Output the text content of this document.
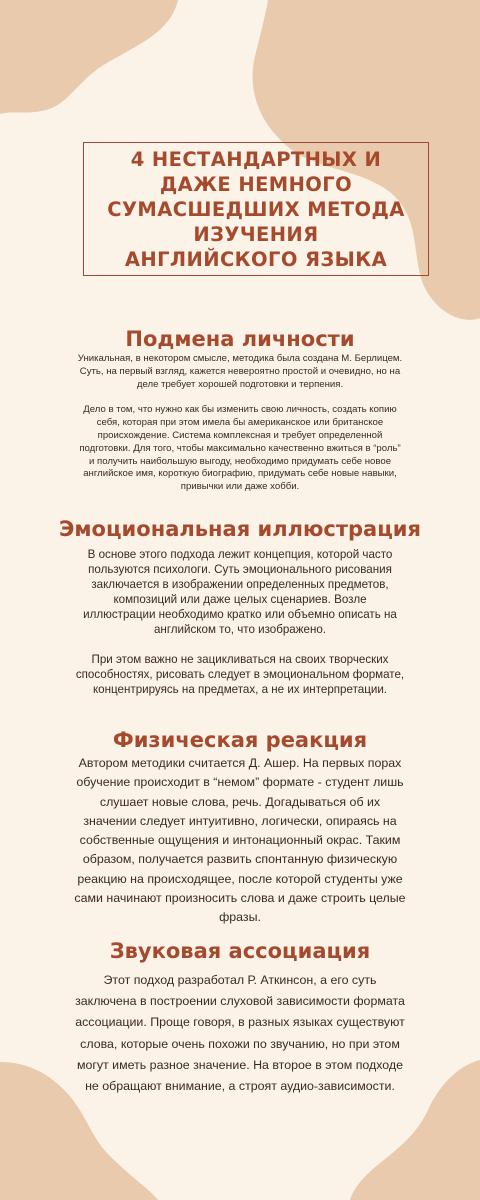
4 НЕСТАНДАРТНЫХ И
ДАЖЕ НЕМНОГО
СУМАСШЕДШИХ МЕТОДА
ИЗУЧЕНИЯ
АНГЛИЙСКОГО ЯЗЫКА
Подмена личности

Уникальная, в некотором смысле, методика была создана М. Берлицем.
Суть, на первый взгляд, кажется невероятно простой и очевидно, но на
деле требует хорошей подготовки и терпения.

Дело в том, что нужно как бы изменить свою личность, создать копию
себя, которая при этом имела бы американское или британское
происхождение. Система комплексная и требует определенной
подготовки. Для того, чтобы максимально качественно вжиться в “роль”
и получить наибольшую выгоду, необходимо придумать себе новое
английское имя, короткую биографию, придумать себе новые навыки,
привычки или даже хобби.

Эмоциональная иллюстрация

В основе этого подхода лежит концепция, которой часто
пользуются психологи. Суть эмоционального рисования
заключается в изображении определенных предметов,
композиций или даже целых сценариев. Возле
иллюстрации необходимо кратко или объемно описать на
английском то, что изображено.

При этом важно не зацикливаться на своих творческих
способностях, рисовать следует в эмоциональном формате,
концентрируясь на предметах, а не их интерпретации.

Физическая реакция

Автором методики считается Д. Ашер. На первых порах
обучение происходит в “немом” формате - студент лишь
слушает новые слова, речь. Догадываться об их
значении следует интуитивно, логически, опираясь на
собственные ощущения и интонационный окрас. Таким
образом, получается развить спонтанную физическую
реакцию на происходящее, после которой студенты уже
сами начинают произносить слова и даже строить целые
фразы.

Звуковая ассоциация

Этот подход разработал Р. Аткинсон, а его суть
заключена в построении слуховой зависимости формата
ассоциации. Проще говоря, в разных языках существуют
слова, которые очень похожи по звучанию, но при этом
могут иметь разное значение. На второе в этом подходе
не обращают внимание, а строят аудио-зависимости.
